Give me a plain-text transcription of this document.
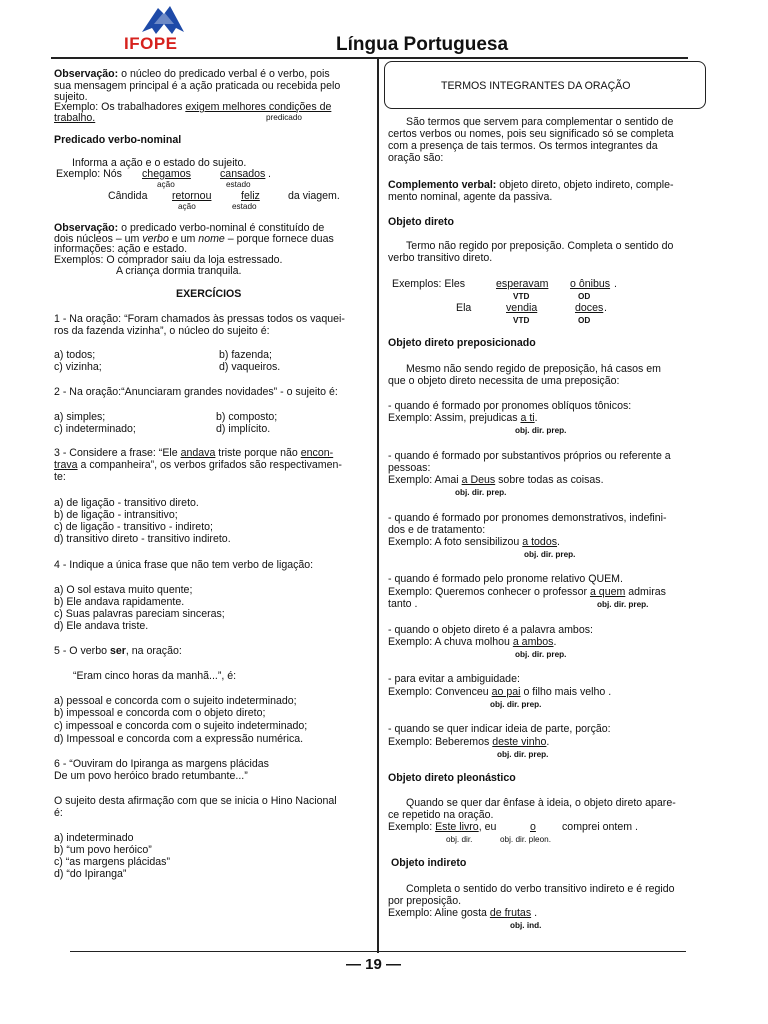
IFOPE	Língua Portuguesa
Observação: o núcleo do predicado verbal é o verbo, pois
sua mensagem principal é a ação praticada ou recebida pelo
sujeito.
Exemplo: Os trabalhadores exigem melhores condições de
trabalho.	predicado
Predicado verbo-nominal
Informa a ação e o estado do sujeito.
Exemplo: Nós chegamos	cansados .
ação	estado
Cândida retornou	feliz	da viagem.
ação	estado
Observação: o predicado verbo-nominal é constituído de
dois núcleos – um verbo e um nome – porque fornece duas
informações: ação e estado.
Exemplos: O comprador saiu da loja estressado.
A criança dormia tranquila.
EXERCÍCIOS
1 - Na oração: “Foram chamados às pressas todos os vaquei-
ros da fazenda vizinha”, o núcleo do sujeito é:
a) todos;	b) fazenda;
c) vizinha;	d) vaqueiros.
2 - Na oração:“Anunciaram grandes novidades” - o sujeito é:
a) simples;	b) composto;
c) indeterminado;	d) implícito.
3 - Considere a frase: “Ele andava triste porque não encon-
trava a companheira”, os verbos grifados são respectivamen-
te:
a) de ligação - transitivo direto.
b) de ligação - intransitivo;
c) de ligação - transitivo - indireto;
d) transitivo direto - transitivo indireto.
4 - Indique a única frase que não tem verbo de ligação:
a) O sol estava muito quente;
b) Ele andava rapidamente.
c) Suas palavras pareciam sinceras;
d) Ele andava triste.
5 - O verbo ser, na oração:
“Eram cinco horas da manhã...”, é:
a) pessoal e concorda com o sujeito indeterminado;
b) impessoal e concorda com o objeto direto;
c) impessoal e concorda com o sujeito indeterminado;
d) Impessoal e concorda com a expressão numérica.
6 - “Ouviram do Ipiranga as margens plácidas
De um povo heróico brado retumbante...”
O sujeito desta afirmação com que se inicia o Hino Nacional
é:
a) indeterminado
b) “um povo heróico”
c) “as margens plácidas”
d) “do Ipiranga”
TERMOS INTEGRANTES DA ORAÇÃO
São termos que servem para complementar o sentido de
certos verbos ou nomes, pois seu significado só se completa
com a presença de tais termos. Os termos integrantes da
oração são:
Complemento verbal: objeto direto, objeto indireto, comple-
mento nominal, agente da passiva.
Objeto direto
Termo não regido por preposição. Completa o sentido do
verbo transitivo direto.
Exemplos: Eles	esperavam o ônibus .
VTD	OD
Ela	vendia	doces .
VTD	OD
Objeto direto preposicionado
Mesmo não sendo regido de preposição, há casos em
que o objeto direto necessita de uma preposição:
- quando é formado por pronomes oblíquos tônicos:
Exemplo: Assim, prejudicas a ti.
obj. dir. prep.
- quando é formado por substantivos próprios ou referente a
pessoas:
Exemplo: Amai a Deus sobre todas as coisas.
obj. dir. prep.
- quando é formado por pronomes demonstrativos, indefini-
dos e de tratamento:
Exemplo: A foto sensibilizou a todos.
obj. dir. prep.
- quando é formado pelo pronome relativo QUEM.
Exemplo: Queremos conhecer o professor a quem admiras
tanto .	obj. dir. prep.
- quando o objeto direto é a palavra ambos:
Exemplo: A chuva molhou a ambos.
obj. dir. prep.
- para evitar a ambiguidade:
Exemplo: Convenceu ao pai o filho mais velho .
obj. dir. prep.
- quando se quer indicar ideia de parte, porção:
Exemplo: Beberemos deste vinho.
obj. dir. prep.
Objeto direto pleonástico
Quando se quer dar ênfase à ideia, o objeto direto apare-
ce repetido na oração.
Exemplo: Este livro, eu	o comprei ontem .
obj. dir.	obj. dir. pleon.
Objeto indireto
Completa o sentido do verbo transitivo indireto e é regido
por preposição.
Exemplo: Aline gosta de frutas .
obj. ind.
— 19 —
